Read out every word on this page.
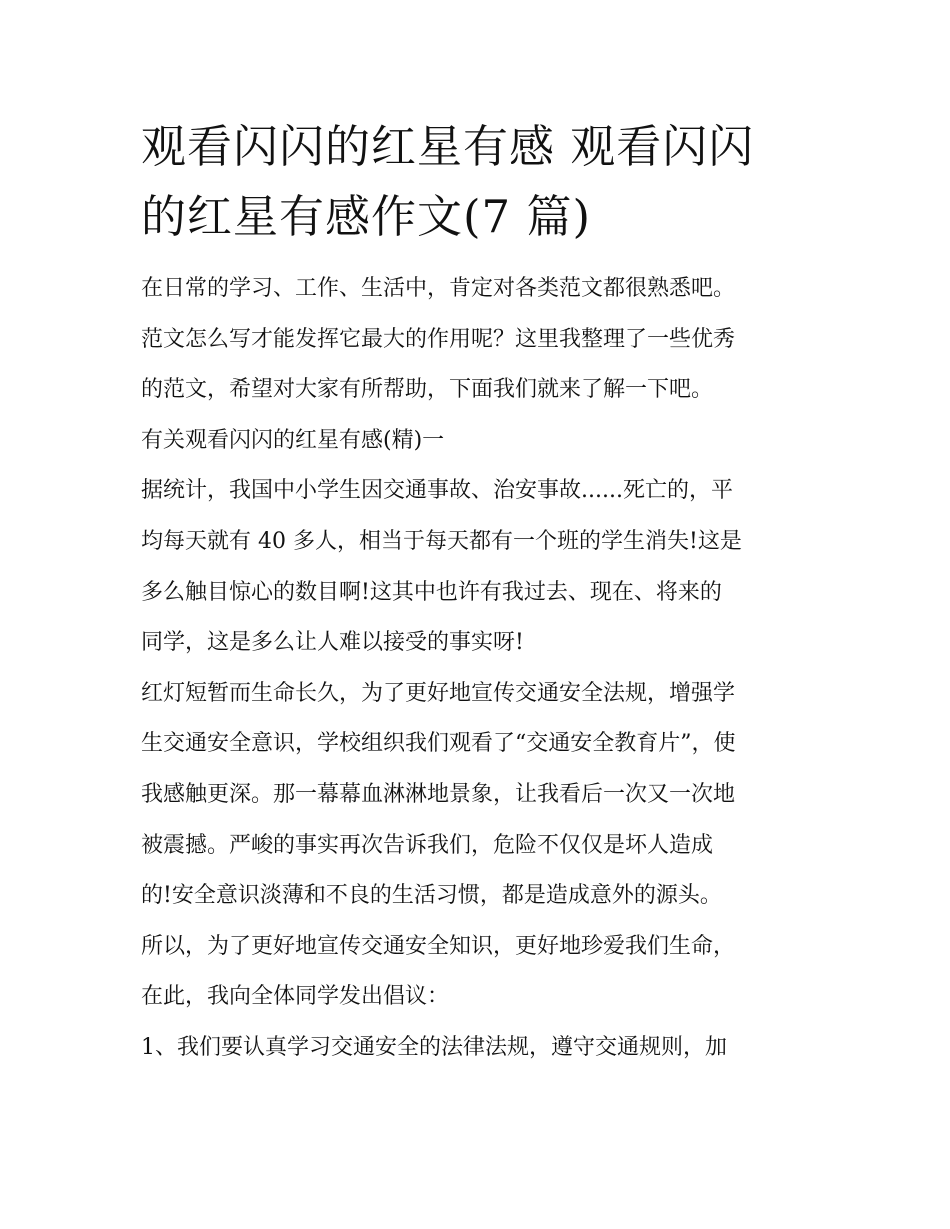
观看闪闪的红星有感 观看闪闪
的红星有感作文(7 篇)

在日常的学习、工作、生活中，肯定对各类范文都很熟悉吧。

范文怎么写才能发挥它最大的作用呢？这里我整理了一些优秀

的范文，希望对大家有所帮助，下面我们就来了解一下吧。

有关观看闪闪的红星有感(精)一

据统计，我国中小学生因交通事故、治安事故......死亡的，平

均每天就有 40 多人，相当于每天都有一个班的学生消失!这是

多么触目惊心的数目啊!这其中也许有我过去、现在、将来的

同学，这是多么让人难以接受的事实呀!

红灯短暂而生命长久，为了更好地宣传交通安全法规，增强学

生交通安全意识，学校组织我们观看了“交通安全教育片”，使

我感触更深。那一幕幕血淋淋地景象，让我看后一次又一次地

被震撼。严峻的事实再次告诉我们，危险不仅仅是坏人造成

的!安全意识淡薄和不良的生活习惯，都是造成意外的源头。

所以，为了更好地宣传交通安全知识，更好地珍爱我们生命，

在此，我向全体同学发出倡议：

1、我们要认真学习交通安全的法律法规，遵守交通规则，加
